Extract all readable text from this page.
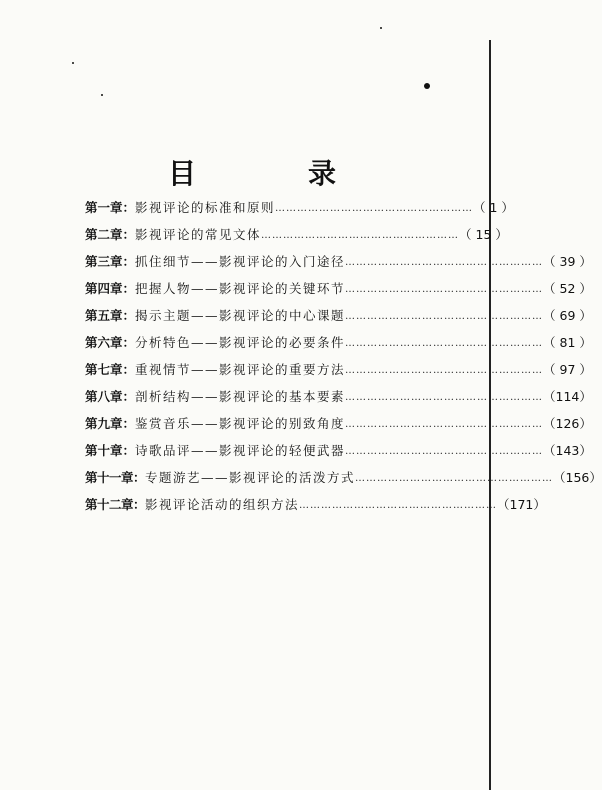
目　录
第一章： 影视评论的标准和原则 ……………………………………………… （ 1 ）
第二章： 影视评论的常见文体 ……………………………………………… （ 15 ）
第三章： 抓住细节——影视评论的入门途径 ……………………………………………… （ 39 ）
第四章： 把握人物——影视评论的关键环节 ……………………………………………… （ 52 ）
第五章： 揭示主题——影视评论的中心课题 ……………………………………………… （ 69 ）
第六章： 分析特色——影视评论的必要条件 ……………………………………………… （ 81 ）
第七章： 重视情节——影视评论的重要方法 ……………………………………………… （ 97 ）
第八章： 剖析结构——影视评论的基本要素 ……………………………………………… （114）
第九章： 鉴赏音乐——影视评论的别致角度 ……………………………………………… （126）
第十章： 诗歌品评——影视评论的轻便武器 ……………………………………………… （143）
第十一章： 专题游艺——影视评论的活泼方式 ……………………………………………… （156）
第十二章： 影视评论活动的组织方法 ……………………………………………… （171）
